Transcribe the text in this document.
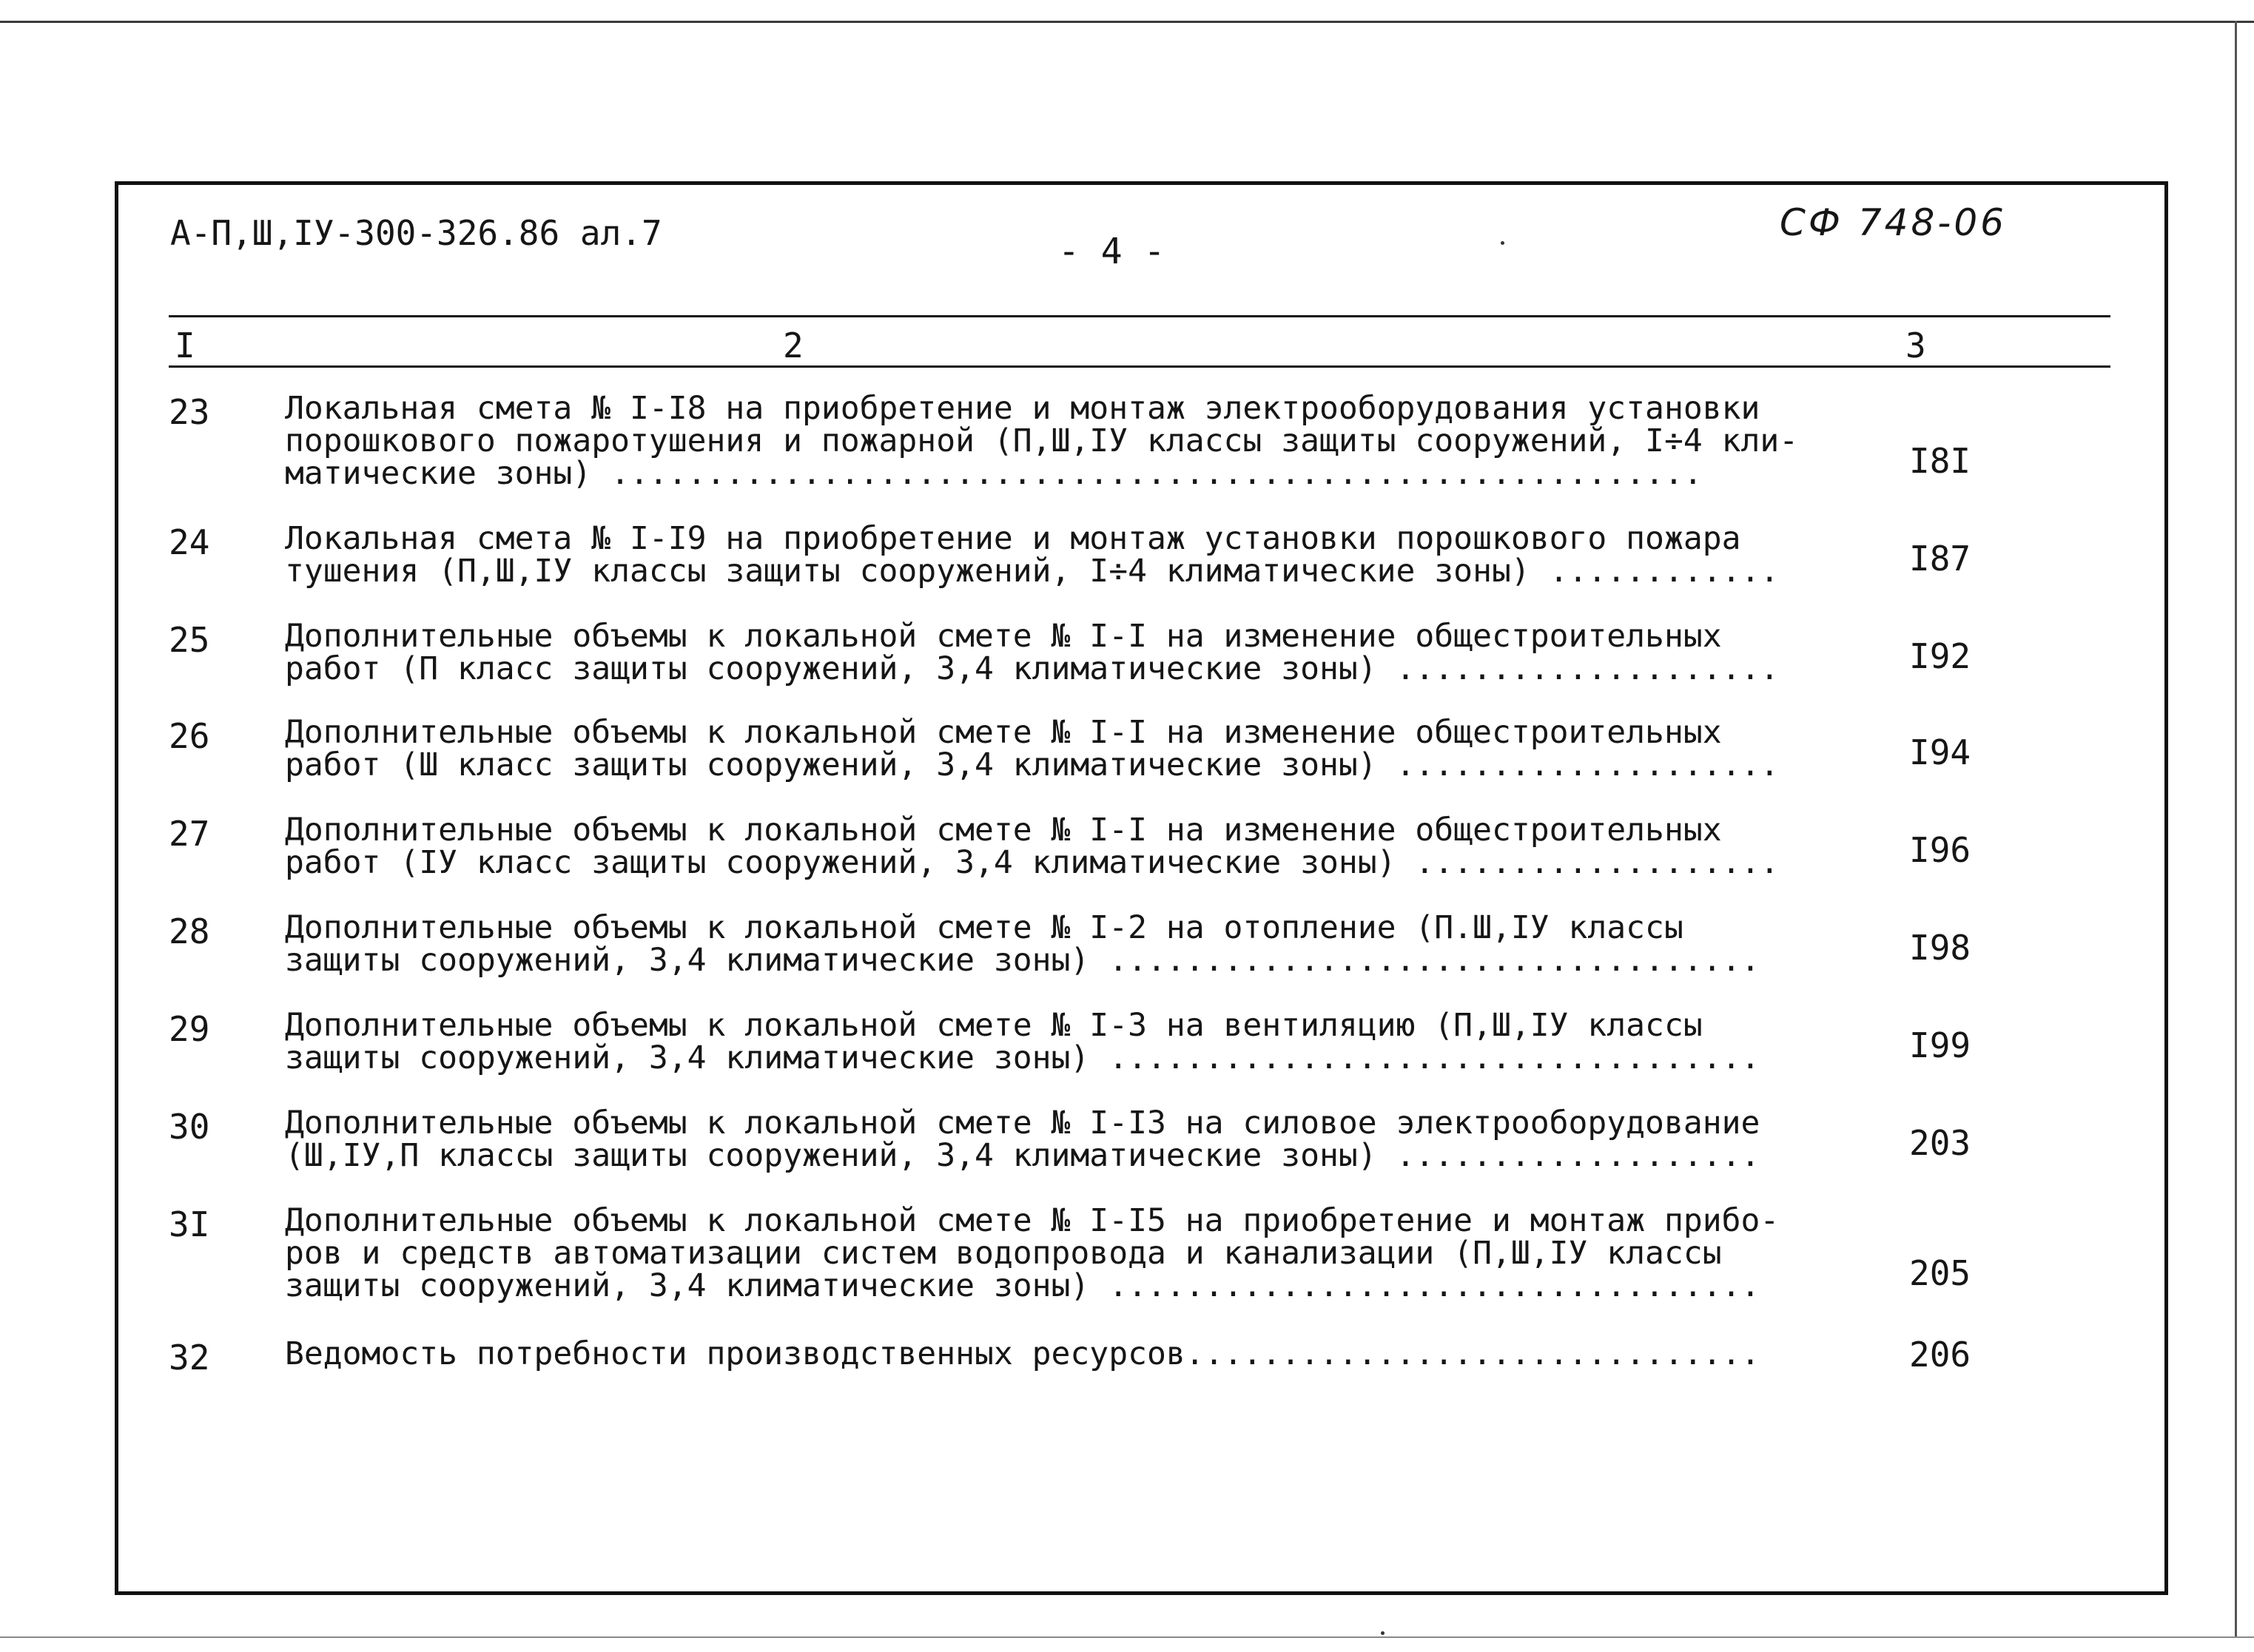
А-П,Ш,IУ-300-326.86 ал.7	- 4 -
СФ 748-06
I	2	3
23 Локальная смета № I-I8 на приобретение и монтаж электрооборудования установки
порошкового пожаротушения и пожарной (П,Ш,IУ классы защиты сооружений, I÷4 кли-
матические зоны) .........................................................	I8I
24 Локальная смета № I-I9 на приобретение и монтаж установки порошкового пожара
тушения (П,Ш,IУ классы защиты сооружений, I÷4 климатические зоны) ............	I87
25 Дополнительные объемы к локальной смете № I-I на изменение общестроительных
работ (П класс защиты сооружений, 3,4 климатические зоны) ....................	I92
26 Дополнительные объемы к локальной смете № I-I на изменение общестроительных
работ (Ш класс защиты сооружений, 3,4 климатические зоны) ....................	I94
27 Дополнительные объемы к локальной смете № I-I на изменение общестроительных
работ (IУ класс защиты сооружений, 3,4 климатические зоны) ...................	I96
28 Дополнительные объемы к локальной смете № I-2 на отопление (П.Ш,IУ классы
защиты сооружений, 3,4 климатические зоны) ..................................	I98
29 Дополнительные объемы к локальной смете № I-3 на вентиляцию (П,Ш,IУ классы
защиты сооружений, 3,4 климатические зоны) ..................................	I99
30 Дополнительные объемы к локальной смете № I-I3 на силовое электрооборудование
(Ш,IУ,П классы защиты сооружений, 3,4 климатические зоны) ...................	203
3I Дополнительные объемы к локальной смете № I-I5 на приобретение и монтаж прибо-
ров и средств автоматизации систем водопровода и канализации (П,Ш,IУ классы
защиты сооружений, 3,4 климатические зоны) ..................................	205
32 Ведомость потребности производственных ресурсов..............................	206
